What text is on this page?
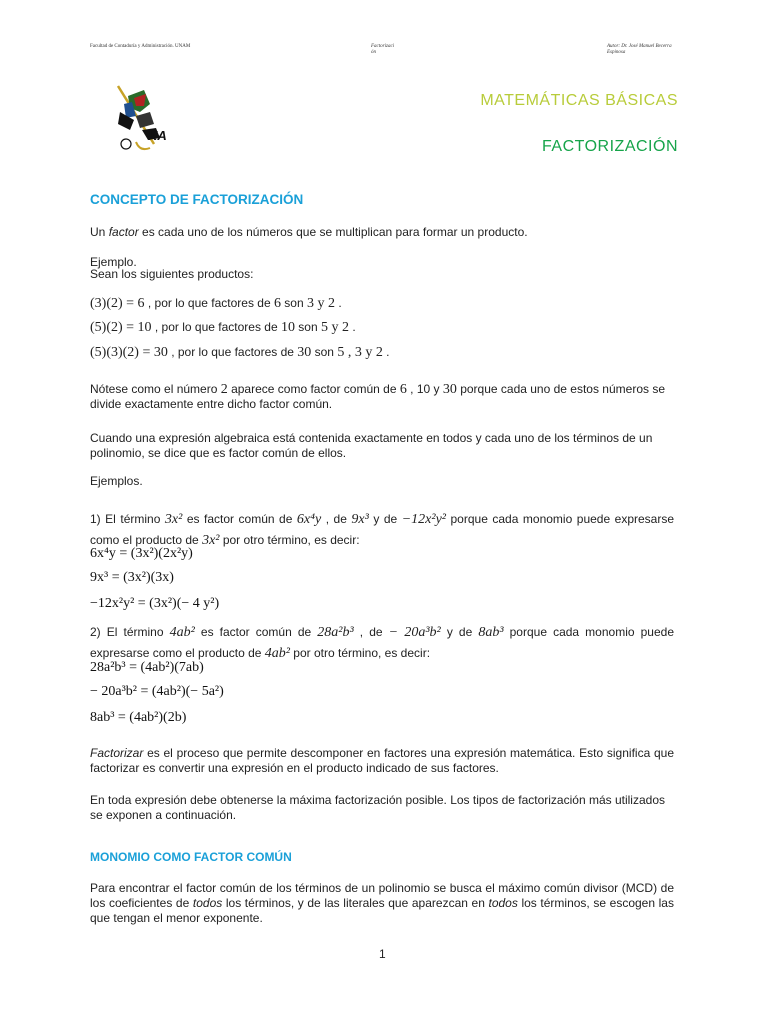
Facultad de Contaduría y Administración. UNAM	Factorizaci
ón
Autor: Dr. José Manuel Becerra
Espinosa
KA
MATEMÁTICAS BÁSICAS
FACTORIZACIÓN
CONCEPTO DE FACTORIZACIÓN
Un factor es cada uno de los números que se multiplican para formar un producto.
Ejemplo.
Sean los siguientes productos:
(3)(2) = 6 , por lo que factores de 6 son 3 y 2 .
(5)(2) = 10 , por lo que factores de 10 son 5 y 2 .
(5)(3)(2) = 30 , por lo que factores de 30 son 5 , 3 y 2 .
Nótese como el número 2 aparece como factor común de 6 , 10 y 30 porque cada uno de estos números se divide exactamente entre dicho factor común.
Cuando una expresión algebraica está contenida exactamente en todos y cada uno de los términos de un polinomio, se dice que es factor común de ellos.
Ejemplos.
1) El término 3x² es factor común de 6x⁴y , de 9x³ y de −12x²y² porque cada monomio puede expresarse como el producto de 3x² por otro término, es decir:
6x⁴y = (3x²)(2x²y)
9x³ = (3x²)(3x)
−12x²y² = (3x²)(− 4 y²)
2) El término 4ab² es factor común de 28a²b³ , de − 20a³b² y de 8ab³ porque cada monomio puede expresarse como el producto de 4ab² por otro término, es decir:
28a²b³ = (4ab²)(7ab)
− 20a³b² = (4ab²)(− 5a²)
8ab³ = (4ab²)(2b)
Factorizar es el proceso que permite descomponer en factores una expresión matemática. Esto significa que factorizar es convertir una expresión en el producto indicado de sus factores.
En toda expresión debe obtenerse la máxima factorización posible. Los tipos de factorización más utilizados se exponen a continuación.
MONOMIO COMO FACTOR COMÚN
Para encontrar el factor común de los términos de un polinomio se busca el máximo común divisor (MCD) de los coeficientes de todos los términos, y de las literales que aparezcan en todos los términos, se escogen las que tengan el menor exponente.
1
